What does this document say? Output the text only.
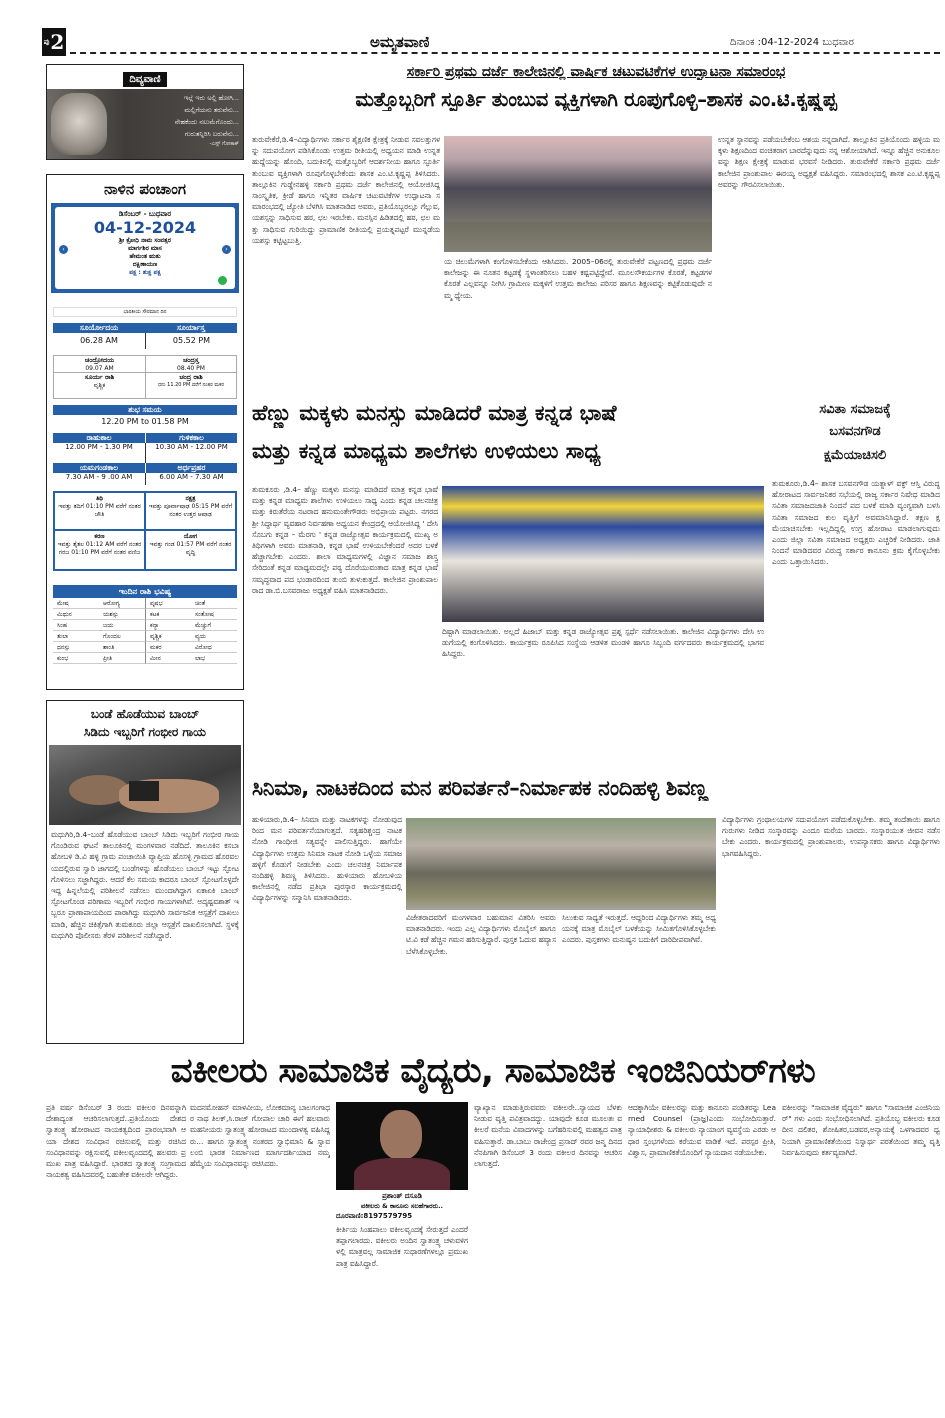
ಪು 2	ಅಮೃತವಾಣಿ	ದಿನಾಂಕ :04-12-2024 ಬುಧವಾರ
ದಿವ್ಯವಾಣಿ
ಇಲ್ಲೆ ಇರು ಅಲ್ಲಿ ಹೋಗಿ...
ಮಲ್ಲಿಗೆಯನು ತರುವೆನು...
ನೇಹಕೆಂದು ನಲುಮೆಗೊಂದು...
ಗುರುತನ್ನಿರಿಸಿ ಬರುವೆನು...
-ಎಸ್ಸ್ ಗೋಕಾಕ್
ನಾಳಿನ ಪಂಚಾಂಗ
ಡಿಸೆಂಬರ್ - ಬುಧವಾರ
04-12-2024
ಶ್ರೀ ಕ್ರೋಧಿ ನಾಮ ಸಂವತ್ಸರ
ಮಾರ್ಗಶಿರ ಮಾಸ
ಹೇಮಂತ ಋತು
ದಕ್ಷಿಣಾಯಣ
ಪಕ್ಷ : ಶುಕ್ಲ ಪಕ್ಷ
‹	›
ಭಾರತೀಯ ಸೌರಮಾನ ದಿನ
ಸೂರ್ಯೋದಯ	ಸೂರ್ಯಾಸ್ತ
06.28 AM	05.52 PM
ಚಂದ್ರೋದಯ	ಚಂದ್ರಸ್ತ
09.07 AM	08.40 PM
ಸೂರ್ಯ ರಾಶಿ	ಚಂದ್ರ ರಾಶಿ
ವೃಶ್ಚಿಕ	ಧನು 11.20 PM ವರೆಗೆ ನಂತರ ಮಕರ
ಶುಭ ಸಮಯ
12.20 PM to 01.58 PM
ರಾಹುಕಾಲ	ಗುಳಿಕಕಾಲ
12.00 PM - 1.30 PM	10.30 AM - 12.00 PM
ಯಮಗಂಡಕಾಲ	ಅರ್ಧಪ್ರಹರ
7.30 AM - 9 .00 AM	6.00 AM - 7.30 AM
ತಿಥಿ
ಇವತ್ತು ತದಿಗೆ 01:10 PM ವರೆಗೆ ನಂತರ ಚೌತಿ
ನಕ್ಷತ್ರ
ಇವತ್ತು ಪೂರ್ವಾಷಾಢ 05:15 PM ವರೆಗೆ ನಂತರ ಉತ್ತರ ಆಷಾಢ
ಕರಣ
ಇವತ್ತು ತೈತಲ 01:12 AM ವರೆಗೆ ನಂತರ ಗರಜ 01:10 PM ವರೆಗೆ ನಂತರ ವಣಿಜ
ಯೋಗ
ಇವತ್ತು ಗಂಡ 01:57 PM ವರೆಗೆ ನಂತರ ವೃದ್ಧಿ
ಇಂದಿನ ರಾಶಿ ಭವಿಷ್ಯ
ಮೇಷ	ಆರೋಗ್ಯ	ವೃಷಭ	ಚಿಂತೆ
ಮಿಥುನ	ಯಶಸ್ಸು	ಕಟಕ	ಸಂತೋಷ
ಸಿಂಹ	ಜಯ	ಕನ್ಯಾ	ಮೆಚ್ಚುಗೆ
ತುಲಾ	ಗೊಂದಲ	ವೃಶ್ಚಿಕ	ವ್ಯಯ
ಧನಸ್ಸು	ಶಾಂತಿ	ಮಕರ	ವಿರೋಧ
ಕುಂಭ	ಪ್ರೀತಿ	ಮೀನ	ಲಾಭ
ಬಂಡೆ ಹೊಡೆಯುವ ಬಾಂಬ್
ಸಿಡಿದು ಇಬ್ಬರಿಗೆ ಗಂಭೀರ ಗಾಯ
ಮಧುಗಿರಿ,ಡಿ.4–ಬಂಡೆ ಹೊಡೆಯುವ ಬಾಂಬ್ ಸಿಡಿದು ಇಬ್ಬರಿಗೆ ಗಂಭೀರ ಗಾಯಗೊಂಡಿರುವ ಘಟನೆ ತಾಲೂಕಿನಲ್ಲಿ ಮಂಗಳವಾರ ನಡೆದಿದೆ. ತಾಲೂಕಿನ ಕಸಬಾ ಹೋಬಳಿ ಡಿ.ವಿ ಹಳ್ಳಿ ಗ್ರಾಮ ಪಂಚಾಯಿತಿ ವ್ಯಾಪ್ತಿಯ ಹೊಸಳ್ಳಿ ಗ್ರಾಮದ ಹೊರವಲಯದಲ್ಲಿರುವ ಸ್ವಾರಿ ಜಾಗದಲ್ಲಿ ಬಂಡೆಗಳನ್ನು ಹೊಡೆಯಲು ಬಾಂಬ್ ಇಟ್ಟು ಸ್ಫೋಟಗೊಳಿಸಲು ಸಜ್ಜಾಗಿದ್ದರು. ಆದರೆ ಕೆಲ ಸಮಯ ಕಾದರೂ ಬಾಂಬ್ ಸ್ಫೋಟಗೊಳ್ಳದೇ ಇದ್ದ ಹಿನ್ನಲೆಯಲ್ಲಿ ಪರಿಶೀಲನೆ ನಡೆಸಲು ಮುಂದಾಗಿದ್ದಾಗ ಏಕಾಏಕಿ ಬಾಂಬ್ ಸ್ಫೋಟಗೊಂಡ ಪರಿಣಾಮ ಇಬ್ಬರಿಗೆ ಗಂಭೀರ ಗಾಯಗಳಾಗಿವೆ. ಅದೃಷ್ಟವಶಾತ್ ಇಬ್ಬರೂ ಪ್ರಾಣಾಪಾಯದಿಂದ ಪಾರಾಗಿದ್ದು ಮಧುಗಿರಿ ಸಾರ್ವಜನಿಕ ಆಸ್ಪತ್ರೆಗೆ ದಾಖಲು ಮಾಡಿ, ಹೆಚ್ಚಿನ ಚಿಕಿತ್ಸೆಗಾಗಿ ತುಮಕೂರು ಜಿಲ್ಲಾ ಆಸ್ಪತ್ರೆಗೆ ದಾಖಲಿಸಲಾಗಿದೆ. ಸ್ಥಳಕ್ಕೆ ಮಧುಗಿರಿ ಪೊಲೀಸರು ತೆರಳಿ ಪರಿಶೀಲನೆ ನಡೆಸಿದ್ದಾರೆ.
ಸರ್ಕಾರಿ ಪ್ರಥಮ ದರ್ಜೆ ಕಾಲೇಜಿನಲ್ಲಿ ವಾರ್ಷಿಕ ಚಟುವಟಿಕೆಗಳ ಉದ್ಘಾಟನಾ ಸಮಾರಂಭ
ಮತ್ತೊಬ್ಬರಿಗೆ ಸ್ಫೂರ್ತಿ ತುಂಬುವ ವ್ಯಕ್ತಿಗಳಾಗಿ ರೂಪುಗೊಳ್ಳಿ–ಶಾಸಕ ಎಂ.ಟಿ.ಕೃಷ್ಣಪ್ಪ
ತುರುವೇಕೆರೆ,ಡಿ.4–ವಿದ್ಯಾರ್ಥಿಗಳು ಸರ್ಕಾರ ಶೈಕ್ಷಣಿಕ ಕ್ಷೇತ್ರಕ್ಕೆ ನೀಡುವ ಸವಲತ್ತುಗಳನ್ನು ಸದುಪಯೋಗ ಪಡಿಸಿಕೊಂಡು ಉತ್ತಮ ರೀತಿಯಲ್ಲಿ ಅಧ್ಯಯನ ಮಾಡಿ ಉನ್ನತ ಹುದ್ದೆಯನ್ನು ಹೊಂದಿ, ಬದುಕಿನಲ್ಲಿ ಮತ್ತೊಬ್ಬರಿಗೆ ಆದರ್ಶನೀಯ ಹಾಗೂ ಸ್ಫೂರ್ತಿ ತುಂಬುವ ವ್ಯಕ್ತಿಗಳಾಗಿ ರೂಪುಗೊಳ್ಳಬೇಕೆಂದು ಶಾಸಕ ಎಂ.ಟಿ.ಕೃಷ್ಣಪ್ಪ ತಿಳಿಸಿದರು. ತಾಲ್ಲೂಕಿನ ಗುಡ್ಡೇನಹಳ್ಳಿ ಸರ್ಕಾರಿ ಪ್ರಥಮ ದರ್ಜೆ ಕಾಲೇಜಿನಲ್ಲಿ ಆಯೋಜಿಸಿದ್ದ ಸಾಂಸ್ಕೃತಿಕ, ಕ್ರೀಡೆ ಹಾಗೂ ಇನ್ನಿತರ ವಾರ್ಷಿಕ ಚಟುವಟಿಕೆಗಳ ಉದ್ಘಾಟನಾ ಸಮಾರಂಭದಲ್ಲಿ ಜ್ಯೋತಿ ಬೆಳಗಿಸಿ ಮಾತನಾಡಿದ ಅವರು, ಪ್ರತಿಯೊಬ್ಬರಲ್ಲೂ ಗೆಲ್ಲುವ, ಯಶಸ್ಸನ್ನು ಸಾಧಿಸುವ ಹಠ, ಛಲ ಇರಬೇಕು. ಮನಸ್ಸಿನ ಹಿಡಿತದಲ್ಲಿ ಹಠ, ಛಲ ಮತ್ತು ಸಾಧಿಸುವ ಗುರಿಯಿದ್ದು ಪ್ರಾಮಾಣಿಕ ರೀತಿಯಲ್ಲಿ ಪ್ರಯತ್ನಪಟ್ಟರೆ ಮುನ್ನಡೆಯ ಯಶಸ್ಸು ಕಟ್ಟಿಟ್ಟಬುತ್ತಿ.
ಯ ಚಿಲುಮೆಗಳಾಗಿ ಕಂಗೊಳಿಸಬೇಕೆಂದು ಆಶಿಸಿದರು. 2005–06ರಲ್ಲಿ ತುರುವೇಕೆರೆ ಪಟ್ಟಣದಲ್ಲಿ ಪ್ರಥಮ ದರ್ಜೆ ಕಾಲೇಜನ್ನು ಈ ನೂತನ ಕಟ್ಟಡಕ್ಕೆ ಸ್ಥಳಾಂತರಿಸಲು ಬಹಳ ಕಷ್ಟಪಟ್ಟಿದ್ದೇವೆ. ಮೂಲಸೌಕರ್ಯಗಳ ಕೊರತೆ, ಕಟ್ಟಡಗಳ ಕೊರತೆ ಎಲ್ಲವನ್ನೂ ನೀಗಿಸಿ ಗ್ರಾಮೀಣ ಮಕ್ಕಳಿಗೆ ಉತ್ತಮ ಕಾಲೇಜು ಪರಿಸರ ಹಾಗೂ ಶಿಕ್ಷಣವನ್ನು ಕಟ್ಟಿಕೊಡುವುದೇ ನಮ್ಮ ಧ್ಯೇಯ.
ಉನ್ನತ ಸ್ಥಾನವನ್ನು ಪಡೆಯಬೇಕೆಂಬ ಆಶಯ ನನ್ನದಾಗಿದೆ. ತಾಲ್ಲೂಕಿನ ಪ್ರತಿಯೊಂದು ಹಳ್ಳಿಯ ಮಕ್ಕಳು ಶಿಕ್ಷಣದಿಂದ ವಂಚಿತರಾಗ ಬಾರದೆನ್ನುವುದು ನನ್ನ ಆಶೋಯಾಗಿದೆ. ಇನ್ನೂ ಹೆಚ್ಚಿನ ಅನುಕೂಲವನ್ನು ಶಿಕ್ಷಣ ಕ್ಷೇತ್ರಕ್ಕೆ ಮಾಡುವ ಭರವಸೆ ನೀಡಿದರು. ತುರುವೇಕೆರೆ ಸರ್ಕಾರಿ ಪ್ರಥಮ ದರ್ಜೆ ಕಾಲೇಜಿನ ಪ್ರಾಂಶುಪಾಲ ಈರಯ್ಯ ಅಧ್ಯಕ್ಷತೆ ವಹಿಸಿದ್ದರು. ಸಮಾರಂಭದಲ್ಲಿ ಶಾಸಕ ಎಂ.ಟಿ.ಕೃಷ್ಣಪ್ಪ ಅವರನ್ನು ಗೌರವಿಸಲಾಯಿತು.
ಹೆಣ್ಣು ಮಕ್ಕಳು ಮನಸ್ಸು ಮಾಡಿದರೆ ಮಾತ್ರ ಕನ್ನಡ ಭಾಷೆ
ಮತ್ತು ಕನ್ನಡ ಮಾಧ್ಯಮ ಶಾಲೆಗಳು ಉಳಿಯಲು ಸಾಧ್ಯ
ತುಮಕೂರು ,ಡಿ.4– ಹೆಣ್ಣು ಮಕ್ಕಳು ಮನಸ್ಸು ಮಾಡಿದರೆ ಮಾತ್ರ ಕನ್ನಡ ಭಾಷೆ ಮತ್ತು ಕನ್ನಡ ಮಾಧ್ಯಮ ಶಾಲೆಗಳು ಉಳಿಯಲು ಸಾಧ್ಯ ಎಂದು ಕನ್ನಡ ಚಲನಚಿತ್ರ ಮತ್ತು ಕಿರುತೆರೆಯ ನಟರಾದ ಹನುಮಂತೇಗೌಡರು ಅಭಿಪ್ರಾಯ ಪಟ್ಟರು. ನಗರದ ಶ್ರೀ ಸಿದ್ಧಾರ್ಥ ವ್ಯವಹಾರ ನಿರ್ವಹಣಾ ಅಧ್ಯಯನ ಕೇಂದ್ರದಲ್ಲಿ ಆಯೋಜಿಸಿದ್ದ ' ದೇಸಿ ಸೊಬಗು ಕನ್ನಡ – ಮೆರಗು ' ಕನ್ನಡ ರಾಜ್ಯೋತ್ಸವ ಕಾರ್ಯಕ್ರಮದಲ್ಲಿ ಮುಖ್ಯ ಅತಿಥಿಗಳಾಗಿ ಅವರು ಮಾತನಾಡಿ, ಕನ್ನಡ ಭಾಷೆ ಉಳಿಯಬೇಕೆಂದರೆ ಅದರ ಬಳಕೆ ಹೆಚ್ಚಾಗಬೇಕು ಎಂದರು. ಶಾಲಾ ಮಾಧ್ಯಮಗಳಲ್ಲಿ ವಿಜ್ಞಾನ ಸಮಾಜ ಶಾಸ್ತ್ರ ಸೇರಿದಂತೆ ಕನ್ನಡ ಮಾಧ್ಯಮದಲ್ಲೇ ಪಠ್ಯ ದೊರೆಯುವಂತಾದ ಮಾತ್ರ ಕನ್ನಡ ಭಾಷೆ ಸಮೃದ್ಧವಾದ ಪದ ಭಂಡಾರದಿಂದ ತುಂಬಿ ತುಳುಕುತ್ತದೆ. ಕಾಲೇಜಿನ ಪ್ರಾಂಶುಪಾಲರಾದ ಡಾ.ಬಿ.ಬಸವರಾಜು ಅಧ್ಯಕ್ಷತೆ ವಹಿಸಿ ಮಾತನಾಡಿದರು.
ದಿಷ್ಟಾಗಿ ಮಾಡಲಾಯಿತು. ಅಲ್ಲದೆ ಹಿಜಾಬ್ ಮತ್ತು ಕನ್ನಡ ರಾಜ್ಯೋತ್ಸವ ಪ್ರಶ್ನ ಸ್ಪರ್ಧೆ ನಡೆಸಲಾಯಿತು. ಕಾಲೇಜಿನ ವಿದ್ಯಾರ್ಥಿಗಳು ದೇಸಿ ಉಡುಗೆಯಲ್ಲಿ ಕಂಗೊಳಿಸಿದರು. ಕಾರ್ಯಕ್ರಮ ರೂಪಿಸಿದ ಸಂಸ್ಥೆಯ ಆಡಳಿತ ಮಂಡಳಿ ಹಾಗೂ ಸಿಬ್ಬಂದಿ ವರ್ಗದವರು ಕಾರ್ಯಕ್ರಮದಲ್ಲಿ ಭಾಗವಹಿಸಿದ್ದರು.
ಸವಿತಾ ಸಮಾಜಕ್ಕೆ
ಬಸವನಗೌಡ
ಕ್ಷಮೆಯಾಚಿಸಲಿ
ತುಮಕೂರು,ಡಿ.4– ಶಾಸಕ ಬಸವನಗೌಡ ಯತ್ನಾಳ್ ವಕ್ಫ್ ಆಸ್ತಿ ವಿರುದ್ಧ ಹೋರಾಟದ ಸಾರ್ವಜನಿಕರ ಸಭೆಯಲ್ಲಿ ರಾಜ್ಯ ಸರ್ಕಾರ ನಿಷೇಧ ಮಾಡಿದ ಸವಿತಾ ಸಮಾಜದಜಾತಿ ನಿಂದನೆ ಪದ ಬಳಕೆ ಮಾಡಿ ವ್ಯಂಗ್ಯವಾಗಿ ಬಳಸಿ ಸವಿತಾ ಸಮಾಜದ ಕುಲ ವೃತ್ತಿಗೆ ಅವಮಾನಿಸಿದ್ದಾರೆ. ತಕ್ಷಣ ಕ್ಷಮೆಯಾಚಿಸಬೇಕು ಇಲ್ಲದಿದ್ದಲ್ಲಿ ಉಗ್ರ ಹೋರಾಟ ಮಾಡಲಾಗುವುದು ಎಂದು ಜಿಲ್ಲಾ ಸವಿತಾ ಸಮಾಜದ ಅಧ್ಯಕ್ಷರು ಎಚ್ಚರಿಕೆ ನೀಡಿದರು. ಜಾತಿ ನಿಂದನೆ ಮಾಡಿದವರ ವಿರುದ್ಧ ಸರ್ಕಾರ ಕಾನೂನು ಕ್ರಮ ಕೈಗೊಳ್ಳಬೇಕು ಎಂದು ಒತ್ತಾಯಿಸಿದರು.
ಸಿನಿಮಾ, ನಾಟಕದಿಂದ ಮನ ಪರಿವರ್ತನೆ–ನಿರ್ಮಾಪಕ ನಂದಿಹಳ್ಳಿ ಶಿವಣ್ಣ
ಹುಳಿಯಾರು,ಡಿ.4– ಸಿನಿಮಾ ಮತ್ತು ನಾಟಕಗಳನ್ನು ನೋಡುವುದರಿಂದ ಮನ ಪರಿವರ್ತನೆಯಾಗುತ್ತದೆ. ಸತ್ಯಹರಿಶ್ಚಂದ್ರ ನಾಟಕ ನೋಡಿ ಗಾಂಧೀಜಿ ಸತ್ಯವನ್ನೇ ಪಾಲಿಸುತ್ತಿದ್ದರು. ಹಾಗೆಯೇ ವಿದ್ಯಾರ್ಥಿಗಳು ಉತ್ತಮ ಸಿನಿಮಾ ನಾಟಕ ನೋಡಿ ಒಳ್ಳೆಯ ಸಮಾಜ ಹಳ್ಳಿಗೆ ಕೊಡುಗೆ ನೀಡಬೇಕು ಎಂದು ಚಲನಚಿತ್ರ ನಿರ್ಮಾಪಕ ನಂದಿಹಳ್ಳಿ ಶಿವಣ್ಣ ತಿಳಿಸಿದರು. ಹುಳಿಯಾರು ಹೋಬಳಿಯ ಕಾಲೇಜಿನಲ್ಲಿ ನಡೆದ ಪ್ರತಿಭಾ ಪುರಸ್ಕಾರ ಕಾರ್ಯಕ್ರಮದಲ್ಲಿ ವಿದ್ಯಾರ್ಥಿಗಳನ್ನು ಸನ್ಮಾನಿಸಿ ಮಾತನಾಡಿದರು.
ವಿಜೇತರಾದವರಿಗೆ ಮಂಗಳವಾರ ಬಹುಮಾನ ವಿತರಿಸಿ ಅವರು ಮಾತನಾಡಿದರು. ಇಂದು ಎಲ್ಲ ವಿದ್ಯಾರ್ಥಿಗಳು ಮೊಬೈಲ್ ಹಾಗೂ ಟಿ.ವಿ ಕಡೆ ಹೆಚ್ಚಿನ ಗಮನ ಹರಿಸುತ್ತಿದ್ದಾರೆ. ಪುಸ್ತಕ ಓದುವ ಹವ್ಯಾಸ ಬೆಳೆಸಿಕೊಳ್ಳಬೇಕು.
ಸಿಲುಕುವ ಸಾಧ್ಯತೆ ಇರುತ್ತದೆ. ಆದ್ದರಿಂದ ವಿದ್ಯಾರ್ಥಿಗಳು ತಮ್ಮ ಅಧ್ಯಯನಕ್ಕೆ ಮಾತ್ರ ಮೊಬೈಲ್ ಬಳಕೆಯನ್ನು ಸೀಮಿತಗೊಳಿಸಿಕೊಳ್ಳಬೇಕು ಎಂದರು. ಪುಸ್ತಕಗಳು ಮನುಷ್ಯನ ಬದುಕಿಗೆ ದಾರಿದೀಪವಾಗಿವೆ.
ವಿದ್ಯಾರ್ಥಿಗಳು ಗ್ರಂಥಾಲಯಗಳ ಸದುಪಯೋಗ ಪಡೆದುಕೊಳ್ಳಬೇಕು. ತಮ್ಮ ತಂದೆತಾಯಿ ಹಾಗೂ ಗುರುಗಳು ನೀಡಿದ ಸಂಸ್ಕಾರವನ್ನು ಎಂದೂ ಮರೆಯ ಬಾರದು. ಸಂಸ್ಕಾರಯುತ ಜೀವನ ನಡೆಸಬೇಕು ಎಂದರು. ಕಾರ್ಯಕ್ರಮದಲ್ಲಿ ಪ್ರಾಂಶುಪಾಲರು, ಉಪನ್ಯಾಸಕರು ಹಾಗೂ ವಿದ್ಯಾರ್ಥಿಗಳು ಭಾಗವಹಿಸಿದ್ದರು.
ವಕೀಲರು ಸಾಮಾಜಿಕ ವೈದ್ಯರು, ಸಾಮಾಜಿಕ ಇಂಜಿನಿಯರ್‌ಗಳು
ಪ್ರತಿ ವರ್ಷ ಡಿಸೆಂಬರ್ 3 ರಂದು ವಕೀಲರ ದಿನವನ್ನಾಗಿ ದೇಶಾದ್ಯಂತ ಆಚರಿಸಲಾಗುತ್ತದೆ..ಪ್ರತಿಯೊಂದು ದೇಶದ ಸ್ವಾತಂತ್ರ್ಯ ಹೋರಾಟದ ನಾಯಕತ್ವದಿಂದ ಪ್ರಾರಂಭವಾಗಿ ಆಯಾ ದೇಶದ ಸಂವಿಧಾನ ರಚಿಸುವಲ್ಲಿ ಮತ್ತು ರಚಿಸಿದ ಸಂವಿಧಾನವನ್ನು ರಕ್ಷಿಸುವಲ್ಲಿ ವಕೀಲವೃಂದದಲ್ಲಿ ಹಲವರು ಪ್ರಮುಖ ಪಾತ್ರ ವಹಿಸಿದ್ದಾರೆ. ಭಾರತದ ಸ್ವಾತಂತ್ರ್ಯ ಸಂಗ್ರಾಮದ ನಾಯಕತ್ವ ವಹಿಸಿದವರಲ್ಲಿ ಬಹುತೇಕ ವಕೀಲರೇ ಆಗಿದ್ದರು.
ಮದನಮೋಹನ್ ಮಾಳವೀಯ, ಲೋಕಮಾನ್ಯ ಬಾಲಗಂಗಾಧರ ನಾಥ ತಿಲಕ್,ಸಿ.ರಾಜ್ ಗೋಪಾಲ ಚಾರಿ ಈಗೆ ಹಲವಾರು ಮಹನೀಯರು ಸ್ವಾತಂತ್ರ್ಯ ಹೋರಾಟದ ಮುಂದಾಳತ್ವ ವಹಿಸಿದ್ದರು... ಹಾಗೂ ಸ್ವಾತಂತ್ರ್ಯ ನಂತರದ ಸ್ವಾಭಿಮಾನಿ & ಸ್ವಾವಲಂಬಿ ಭಾರತ ನಿರ್ಮಾಣದ ಮಾರ್ಗದರ್ಶಿಯಾದ ನಮ್ಮ ಹೆಮ್ಮೆಯ ಸಂವಿಧಾನವನ್ನು ರಚಿಸಿದರು.
ಪ್ರಶಾಂತ್ ದಸೂಡಿ
ವಕೀಲರು & ಕಾನೂನು ಸಲಹೆಗಾರರು..
ದೂರವಾಣಿ:8197579795
ಕೀರ್ತಿಯ ಸಿಂಹಪಾಲು ವಕೀಲವೃಂದಕ್ಕೆ ಸೇರುತ್ತದೆ ಎಂದರೆ ತಪ್ಪಾಗಲಾರದು. ವಕೀಲರು ಅಂದಿನ ಸ್ವಾತಂತ್ರ್ಯ ಚಳುವಳಿಗಳಲ್ಲಿ ಮಾತ್ರವಲ್ಲ ಸಾಮಾಜಿಕ ಸುಧಾರಣೆಗಳಲ್ಲೂ ಪ್ರಮುಖ ಪಾತ್ರ ವಹಿಸಿದ್ದಾರೆ.
ವ್ಯಾಖ್ಯಾನ ಮಾಡುತ್ತಿರುವವರು ವಕೀಲರೇ..ನ್ಯಾಯದ ಬೆಳಕು ನೀಡುವ ವೃತ್ತಿ ಪವಿತ್ರವಾದದ್ದು. ಯಾವುದೇ ಕೂಡ ಮೂಲತಃ ವಕೀಲರೆ ಮನೆಯ ವಿವಾದಗಳನ್ನು ಬಗೆಹರಿಸುವಲ್ಲಿ ಮಹತ್ವದ ಪಾತ್ರ ವಹಿಸುತ್ತಾರೆ. ಡಾ.ಬಾಬು ರಾಜೇಂದ್ರ ಪ್ರಸಾದ್ ರವರ ಜನ್ಮ ದಿನದ ನೆನಪಿಗಾಗಿ ಡಿಸೆಂಬರ್ 3 ರಂದು ವಕೀಲರ ದಿನವನ್ನು ಆಚರಿಸಲಾಗುತ್ತದೆ.
ಆದಕ್ಕಾಗಿಯೇ ವಕೀಲರನ್ನು ಮತ್ತು ಕಾನೂನು ಪಂಡಿತರನ್ನು Learned Counsel (ಪ್ರಾಜ್ಞ)ಎಂದು ಸಂಭೋದಿಸುತ್ತಾರೆ. ನ್ಯಾಯಾಧೀಶರು & ವಕೀಲರು ನ್ಯಾಯಾಂಗ ವ್ಯವಸ್ಥೆಯ ಎರಡು ಆಧಾರ ಸ್ತಂಭಗಳೆಂದು ಕರೆಯುವ ವಾಡಿಕೆ ಇದೆ. ಪರಸ್ಪರ ಪ್ರೀತಿ,ವಿಶ್ವಾಸ, ಪ್ರಾಮಾಣಿಕತೆಯೊಂದಿಗೆ ನ್ಯಾಯದಾನ ನಡೆಯಬೇಕು.
ವಕೀಲರನ್ನು "ಸಾಮಾಜಿಕ ವೈದ್ಯರು" ಹಾಗೂ "ಸಾಮಾಜಿಕ ಎಂಜಿನಿಯರ್" ಗಳು ಎಂದು ಸಂಭೋಧಿಸಲಾಗಿದೆ. ಪ್ರತಿಯೊಬ್ಬ ವಕೀಲರು ಕೂಡ ದೀನ ದಲಿತರ, ಶೋಷಿತರ,ಬಡವರ,ಅನ್ಯಾಯಕ್ಕೆ ಒಳಗಾದವರ ಧ್ವನಿಯಾಗಿ ಪ್ರಾಮಾಣಿಕತೆಯಿಂದ ನಿಸ್ವಾರ್ಥ ಪರತೆಯಿಂದ ತಮ್ಮ ವೃತ್ತಿ ನಿರ್ವಹಿಸುವುದು ಕರ್ತವ್ಯವಾಗಿದೆ.
